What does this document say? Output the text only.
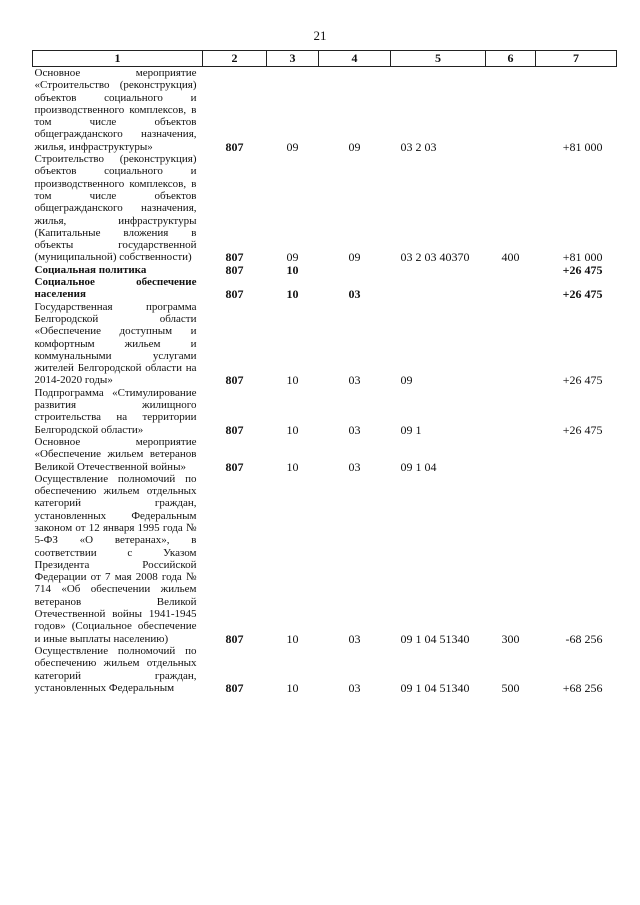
21
1	2	3	4	5	6	7
Основное мероприятие «Строительство (реконструкция) объектов социального и производственного комплексов, в том числе объектов общегражданского назначения, жилья, инфраструктуры»	807	09	09	03 2 03		+81 000
Строительство (реконструкция) объектов социального и производственного комплексов, в том числе объектов общегражданского назначения, жилья, инфраструктуры (Капитальные вложения в объекты государственной (муниципальной) собственности)	807	09	09	03 2 03 40370	400	+81 000
Социальная политика	807	10				+26 475
Социальное обеспечение населения	807	10	03			+26 475
Государственная программа Белгородской области «Обеспечение доступным и комфортным жильем и коммунальными услугами жителей Белгородской области на 2014-2020 годы»	807	10	03	09		+26 475
Подпрограмма «Стимулирование развития жилищного строительства на территории Белгородской области»	807	10	03	09 1		+26 475
Основное мероприятие «Обеспечение жильем ветеранов Великой Отечественной войны»	807	10	03	09 1 04		
Осуществление полномочий по обеспечению жильем отдельных категорий граждан, установленных Федеральным законом от 12 января 1995 года № 5-ФЗ «О ветеранах», в соответствии с Указом Президента Российской Федерации от 7 мая 2008 года № 714 «Об обеспечении жильем ветеранов Великой Отечественной войны 1941-1945 годов» (Социальное обеспечение и иные выплаты населению)	807	10	03	09 1 04 51340	300	-68 256
Осуществление полномочий по обеспечению жильем отдельных категорий граждан, установленных Федеральным	807	10	03	09 1 04 51340	500	+68 256
